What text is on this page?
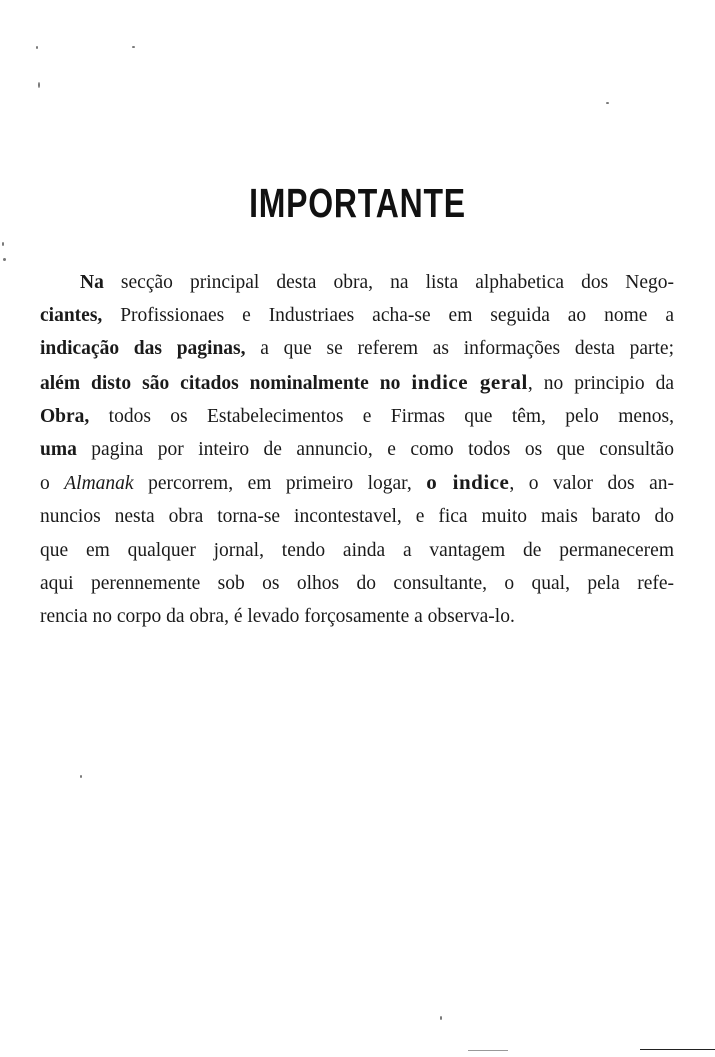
IMPORTANTE
Na secção principal desta obra, na lista alphabetica dos Nego-
ciantes, Profissionaes e Industriaes acha-se em seguida ao nome a
indicação das paginas, a que se referem as informações desta parte;
além disto são citados nominalmente no indice geral, no principio da
Obra, todos os Estabelecimentos e Firmas que têm, pelo menos,
uma pagina por inteiro de annuncio, e como todos os que consultão
o Almanak percorrem, em primeiro logar, o indice, o valor dos an-
nuncios nesta obra torna-se incontestavel, e fica muito mais barato do
que em qualquer jornal, tendo ainda a vantagem de permanecerem
aqui perennemente sob os olhos do consultante, o qual, pela refe-
rencia no corpo da obra, é levado forçosamente a observa-lo.
